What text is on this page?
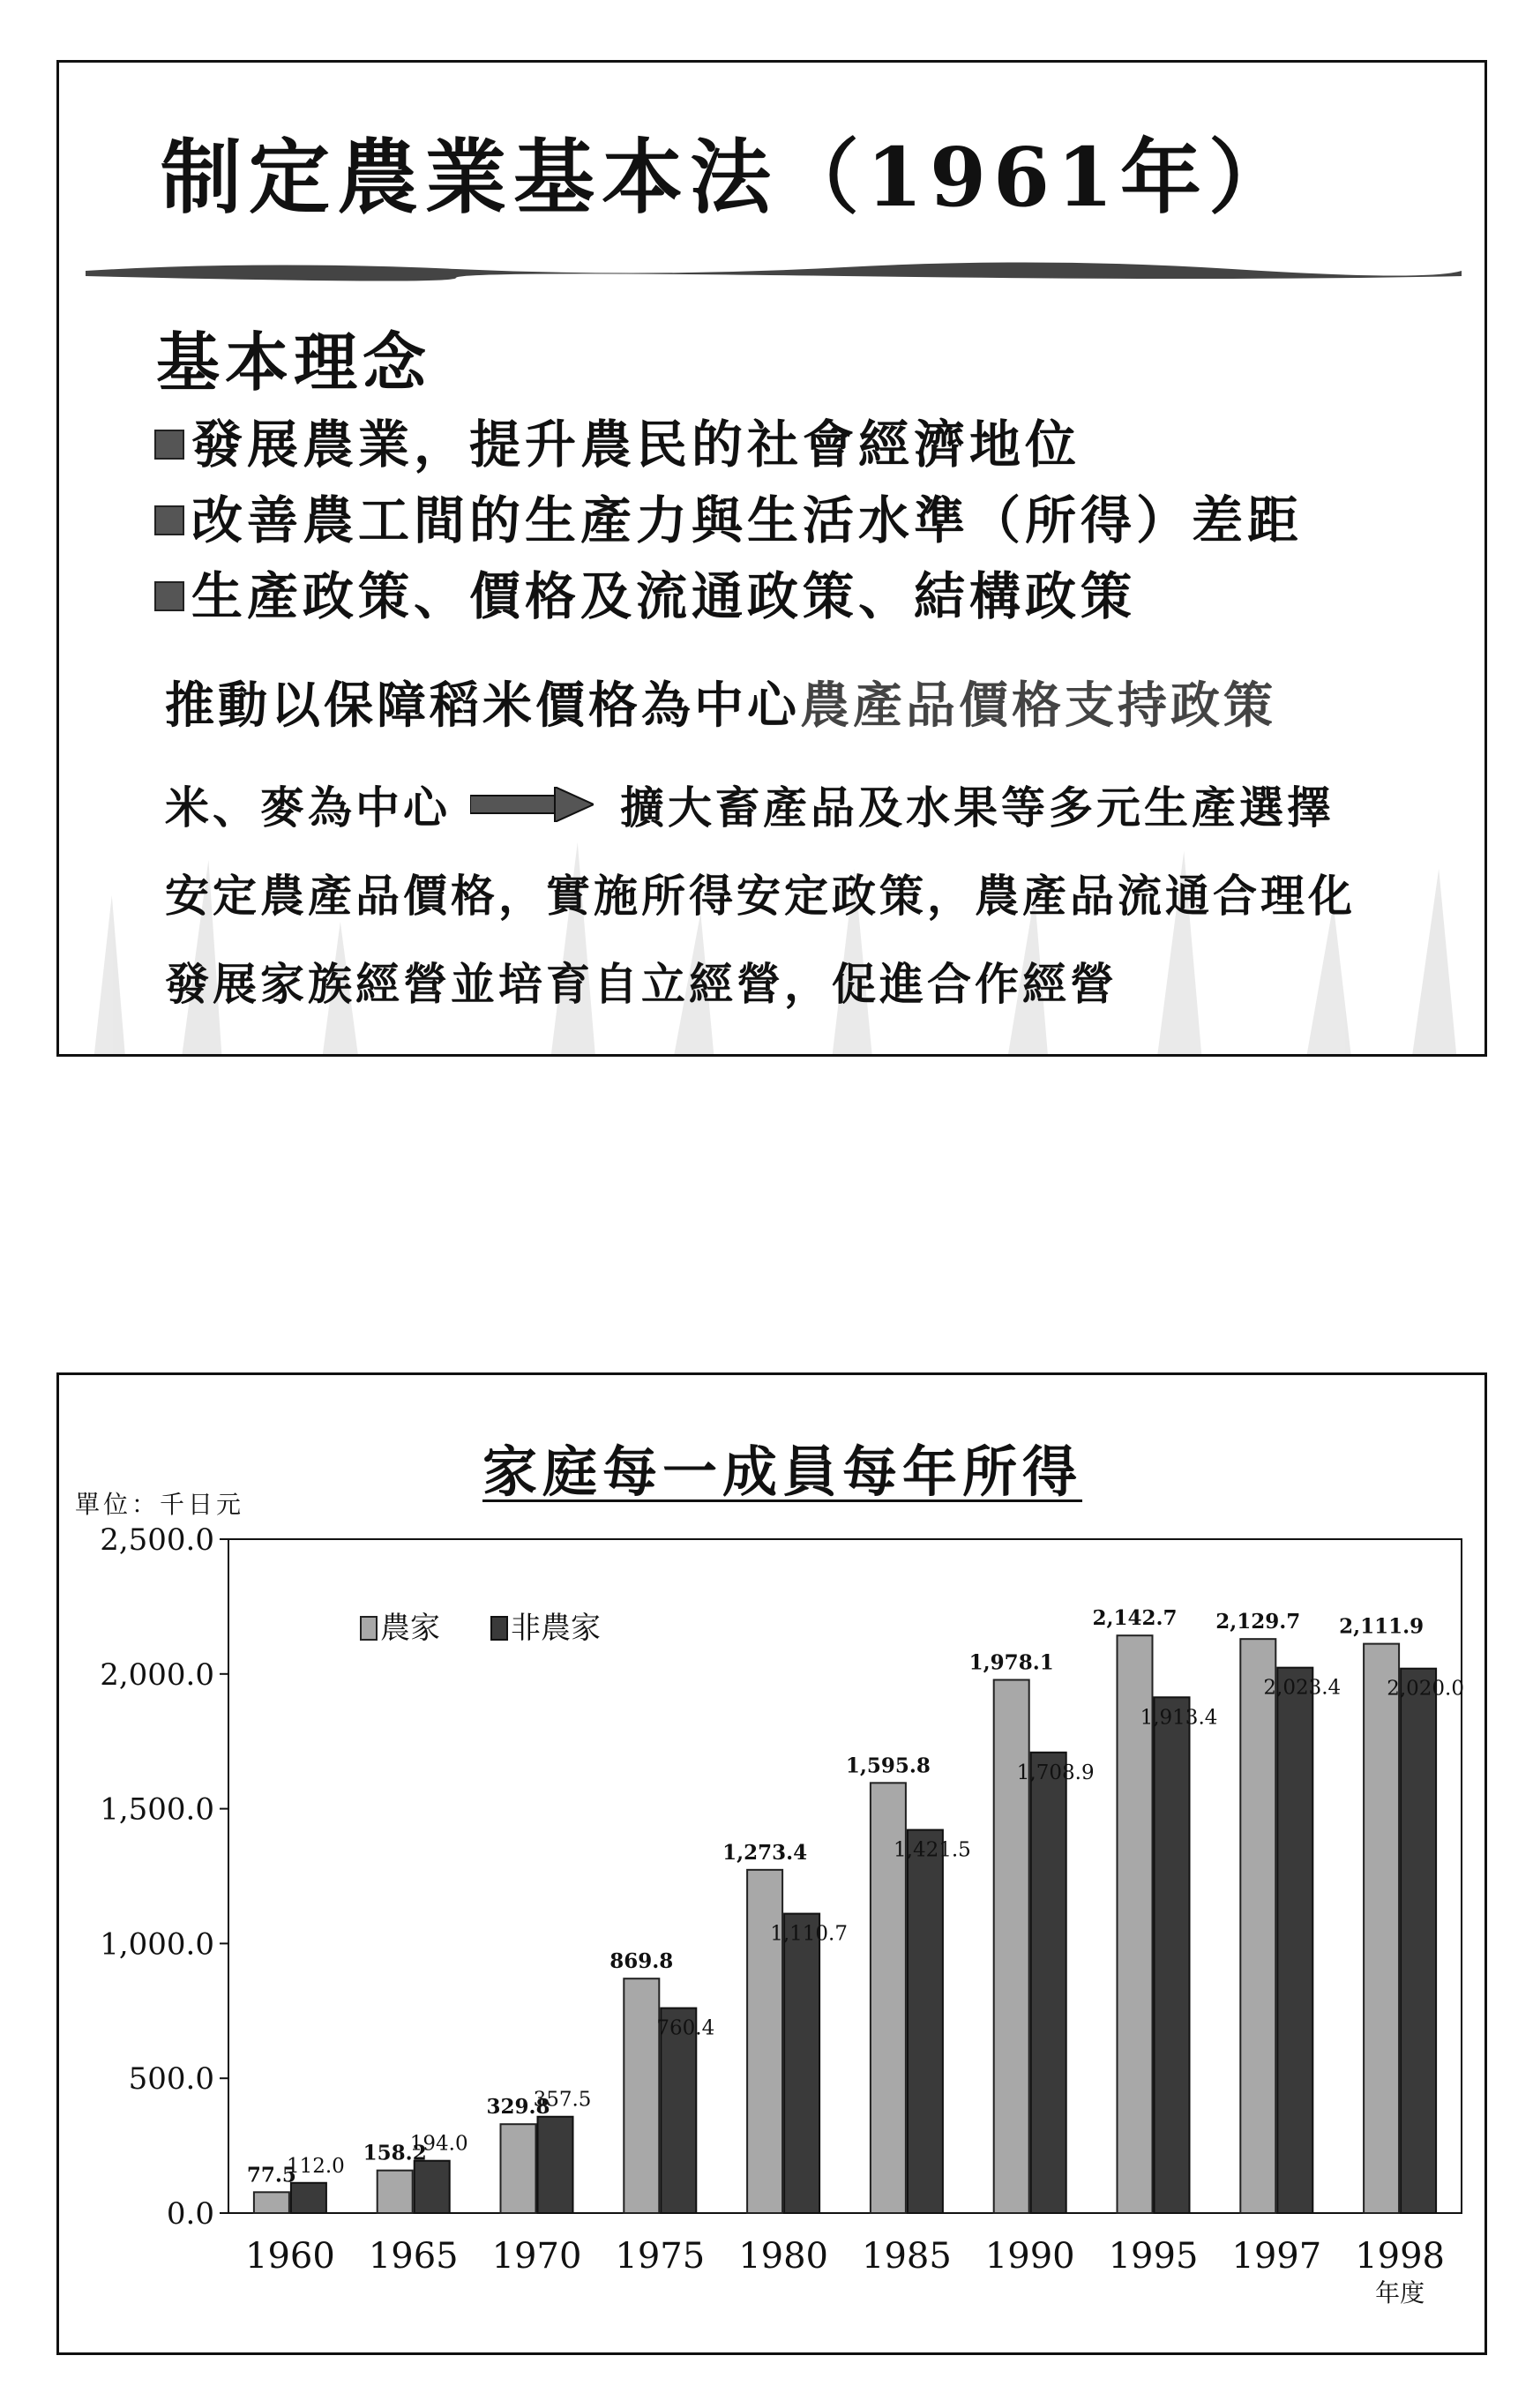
制定農業基本法（1961年）
基本理念
發展農業，提升農民的社會經濟地位
改善農工間的生產力與生活水準（所得）差距
生產政策、價格及流通政策、結構政策
推動以保障稻米價格為中心農產品價格支持政策
米、麥為中心	擴大畜產品及水果等多元生產選擇
安定農產品價格，實施所得安定政策，農產品流通合理化
發展家族經營並培育自立經營，促進合作經營
家庭每一成員每年所得
單位：千日元
0.0
500.0
1,000.0
1,500.0
2,000.0
2,500.0
77.5
112.0
1960
158.2
194.0
1965
329.8
357.5
1970
869.8
760.4
1975
1,273.4
1,110.7
1980
1,595.8
1,421.5
1985
1,978.1
1,708.9
1990
2,142.7
1,913.4
1995
2,129.7
2,023.4
1997
2,111.9
2,020.0
1998
年度
農家 非農家
